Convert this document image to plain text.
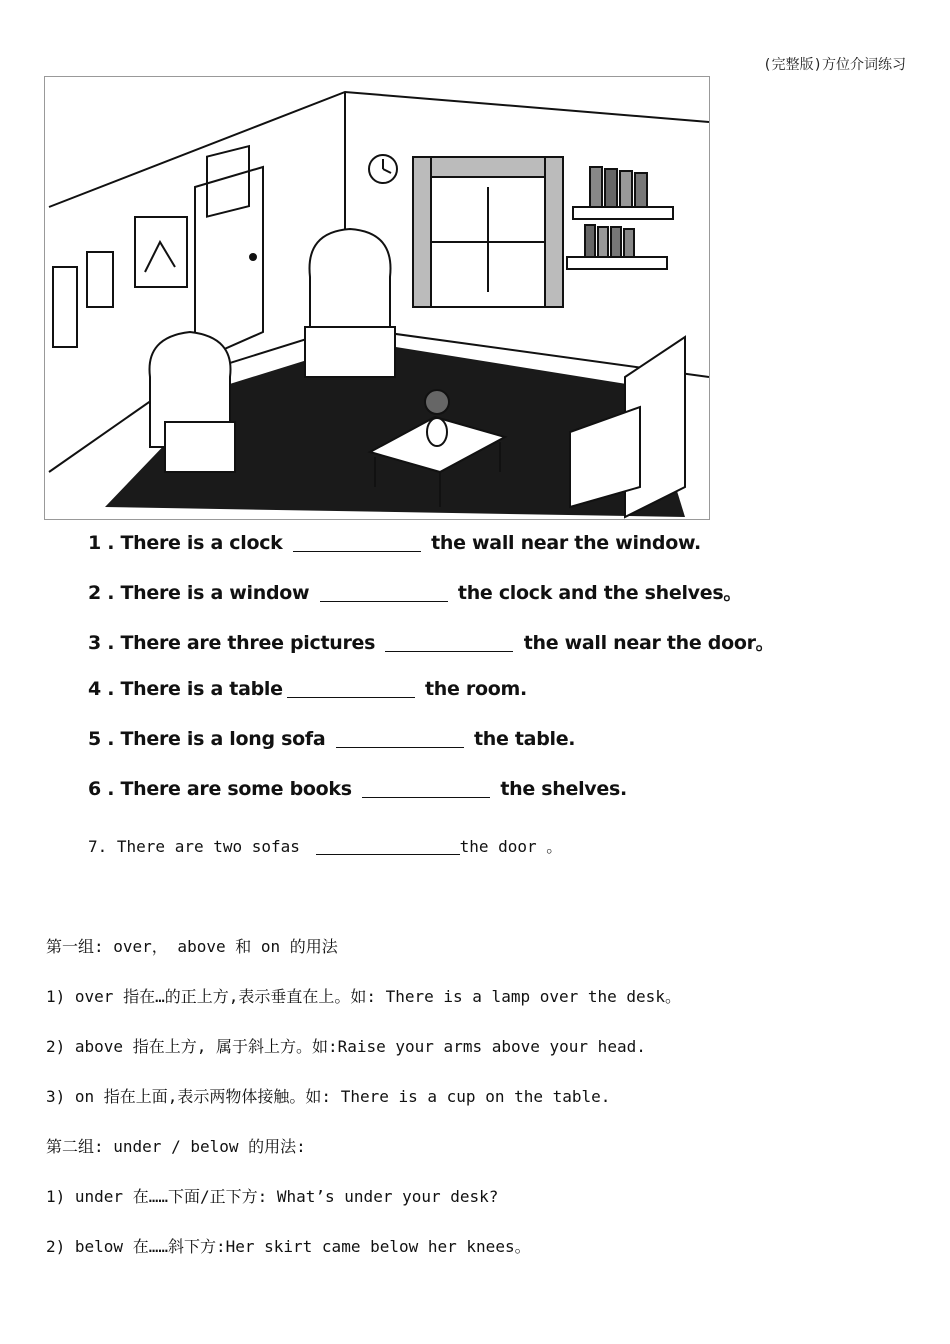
(完整版)方位介词练习
1 . There is a clock	the wall near the window.
2 . There is a window	the clock and the shelves。
3 . There are three pictures	the wall near the door。
4 . There is a table	the room.
5 . There is a long sofa	the table.
6 . There are some books	the shelves.
7. There are two sofas	the door 。
第一组: over， above 和 on 的用法
1) over 指在…的正上方,表示垂直在上。如: There is a lamp over the desk。
2) above 指在上方, 属于斜上方。如:Raise your arms above your head.
3) on 指在上面,表示两物体接触。如: There is a cup on the table.
第二组: under / below 的用法:
1) under 在……下面/正下方: What’s under your desk?
2) below 在……斜下方:Her skirt came below her knees。
